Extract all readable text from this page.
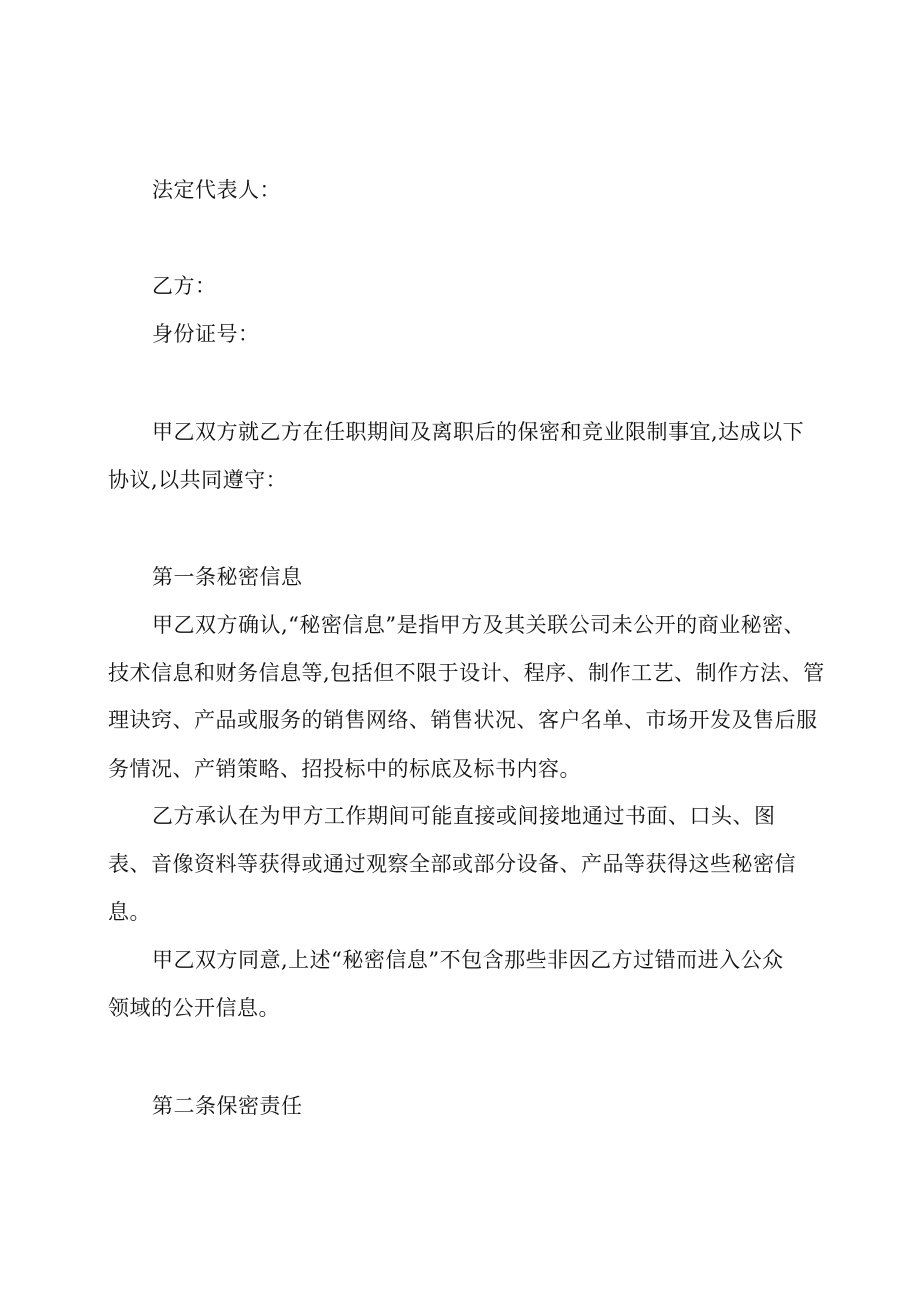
法定代表人：
乙方：
身份证号：
甲乙双方就乙方在任职期间及离职后的保密和竞业限制事宜,达成以下
协议,以共同遵守：
第一条秘密信息
甲乙双方确认,“秘密信息”是指甲方及其关联公司未公开的商业秘密、
技术信息和财务信息等,包括但不限于设计、程序、制作工艺、制作方法、管
理诀窍、产品或服务的销售网络、销售状况、客户名单、市场开发及售后服
务情况、产销策略、招投标中的标底及标书内容。
乙方承认在为甲方工作期间可能直接或间接地通过书面、口头、图
表、音像资料等获得或通过观察全部或部分设备、产品等获得这些秘密信
息。
甲乙双方同意,上述“秘密信息”不包含那些非因乙方过错而进入公众
领域的公开信息。
第二条保密责任
